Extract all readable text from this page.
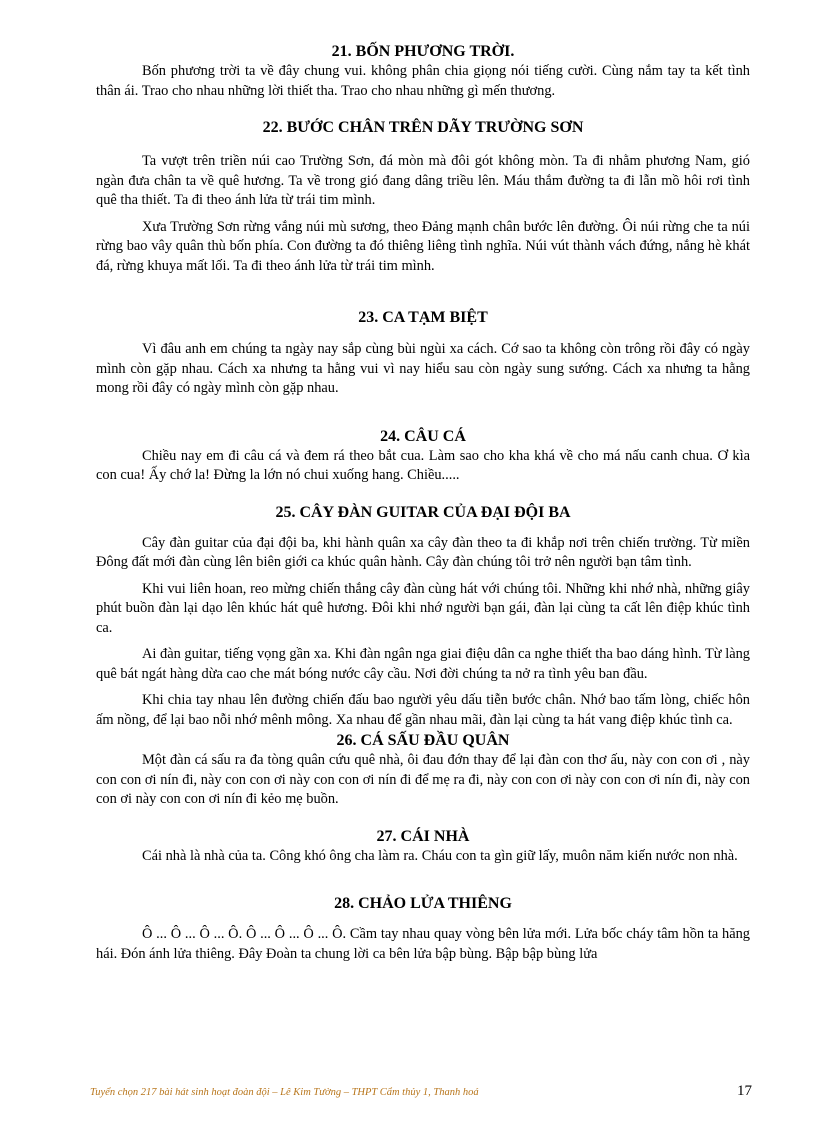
21. BỐN PHƯƠNG TRỜI.

Bốn phương trời ta về đây chung vui. không phân chia giọng nói tiếng cười. Cùng nắm tay ta kết tình thân ái. Trao cho nhau những lời thiết tha. Trao cho nhau những gì mến thương.

22. BƯỚC CHÂN TRÊN DÃY TRƯỜNG SƠN

Ta vượt trên triền núi cao Trường Sơn, đá mòn mà đôi gót không mòn. Ta đi nhằm phương Nam, gió ngàn đưa chân ta về quê hương. Ta về trong gió đang dâng triều lên. Máu thắm đường ta đi lẫn mồ hôi rơi tình quê tha thiết. Ta đi theo ánh lửa từ trái tim mình.

Xưa Trường Sơn rừng vắng núi mù sương, theo Đảng mạnh chân bước lên đường. Ôi núi rừng che ta núi rừng bao vây quân thù bốn phía. Con đường ta đó thiêng liêng tình nghĩa. Núi vút thành vách đứng, nắng hè khát đá, rừng khuya mất lối. Ta đi theo ánh lửa từ trái tim mình.

23. CA TẠM BIỆT

Vì đâu anh em chúng ta ngày nay sắp cùng bùi ngùi xa cách. Cớ sao ta không còn trông rồi đây có ngày mình còn gặp nhau. Cách xa nhưng ta hằng vui vì nay hiểu sau còn ngày sung sướng. Cách xa nhưng ta hằng mong rồi đây có ngày mình còn gặp nhau.

24. CÂU CÁ

Chiều nay em đi câu cá và đem rá theo bắt cua. Làm sao cho kha khá về cho má nấu canh chua. Ơ kìa con cua! Ấy chớ la! Đừng la lớn nó chui xuống hang. Chiều.....

25. CÂY ĐÀN GUITAR CỦA ĐẠI ĐỘI BA

Cây đàn guitar của đại đội ba, khi hành quân xa cây đàn theo ta đi khắp nơi trên chiến trường. Từ miền Đông đất mới đàn cùng lên biên giới ca khúc quân hành. Cây đàn chúng tôi trở nên người bạn tâm tình.

Khi vui liên hoan, reo mừng chiến thắng cây đàn cùng hát với chúng tôi. Những khi nhớ nhà, những giây phút buồn đàn lại dạo lên khúc hát quê hương. Đôi khi nhớ người bạn gái, đàn lại cùng ta cất lên điệp khúc tình ca.

Ai đàn guitar, tiếng vọng gần xa. Khi đàn ngân nga giai điệu dân ca nghe thiết tha bao dáng hình. Từ làng quê bát ngát hàng dừa cao che mát bóng nước cây cầu. Nơi đời chúng ta nở ra tình yêu ban đầu.

Khi chia tay nhau lên đường chiến đấu bao người yêu dấu tiễn bước chân. Nhớ bao tấm lòng, chiếc hôn ấm nồng, để lại bao nỗi nhớ mênh mông. Xa nhau để gần nhau mãi, đàn lại cùng ta hát vang điệp khúc tình ca.

26. CÁ SẤU ĐẦU QUÂN

Một đàn cá sấu ra đa tòng quân cứu quê nhà, ôi đau đớn thay để lại đàn con thơ ấu, này con con ơi , này con con ơi nín đi, này con con ơi này con con ơi nín đi để mẹ ra đi, này con con ơi này con con ơi nín đi, này con con ơi này con con ơi nín đi kẻo mẹ buồn.

27. CÁI NHÀ

Cái nhà là nhà của ta. Công khó ông cha làm ra. Cháu con ta gìn giữ lấy, muôn năm kiến nước non nhà.

28. CHẢO LỬA THIÊNG

Ô ... Ô ... Ô ... Ô. Ô ... Ô ... Ô ... Ô. Cầm tay nhau quay vòng bên lửa mới. Lửa bốc cháy tâm hồn ta hăng hái. Đón ánh lửa thiêng. Đây Đoàn ta chung lời ca bên lửa bập bùng. Bập bập bùng lửa

Tuyển chọn 217 bài hát sinh hoạt đoàn đội – Lê Kim Tường – THPT Cẩm thủy 1, Thanh hoá	17
